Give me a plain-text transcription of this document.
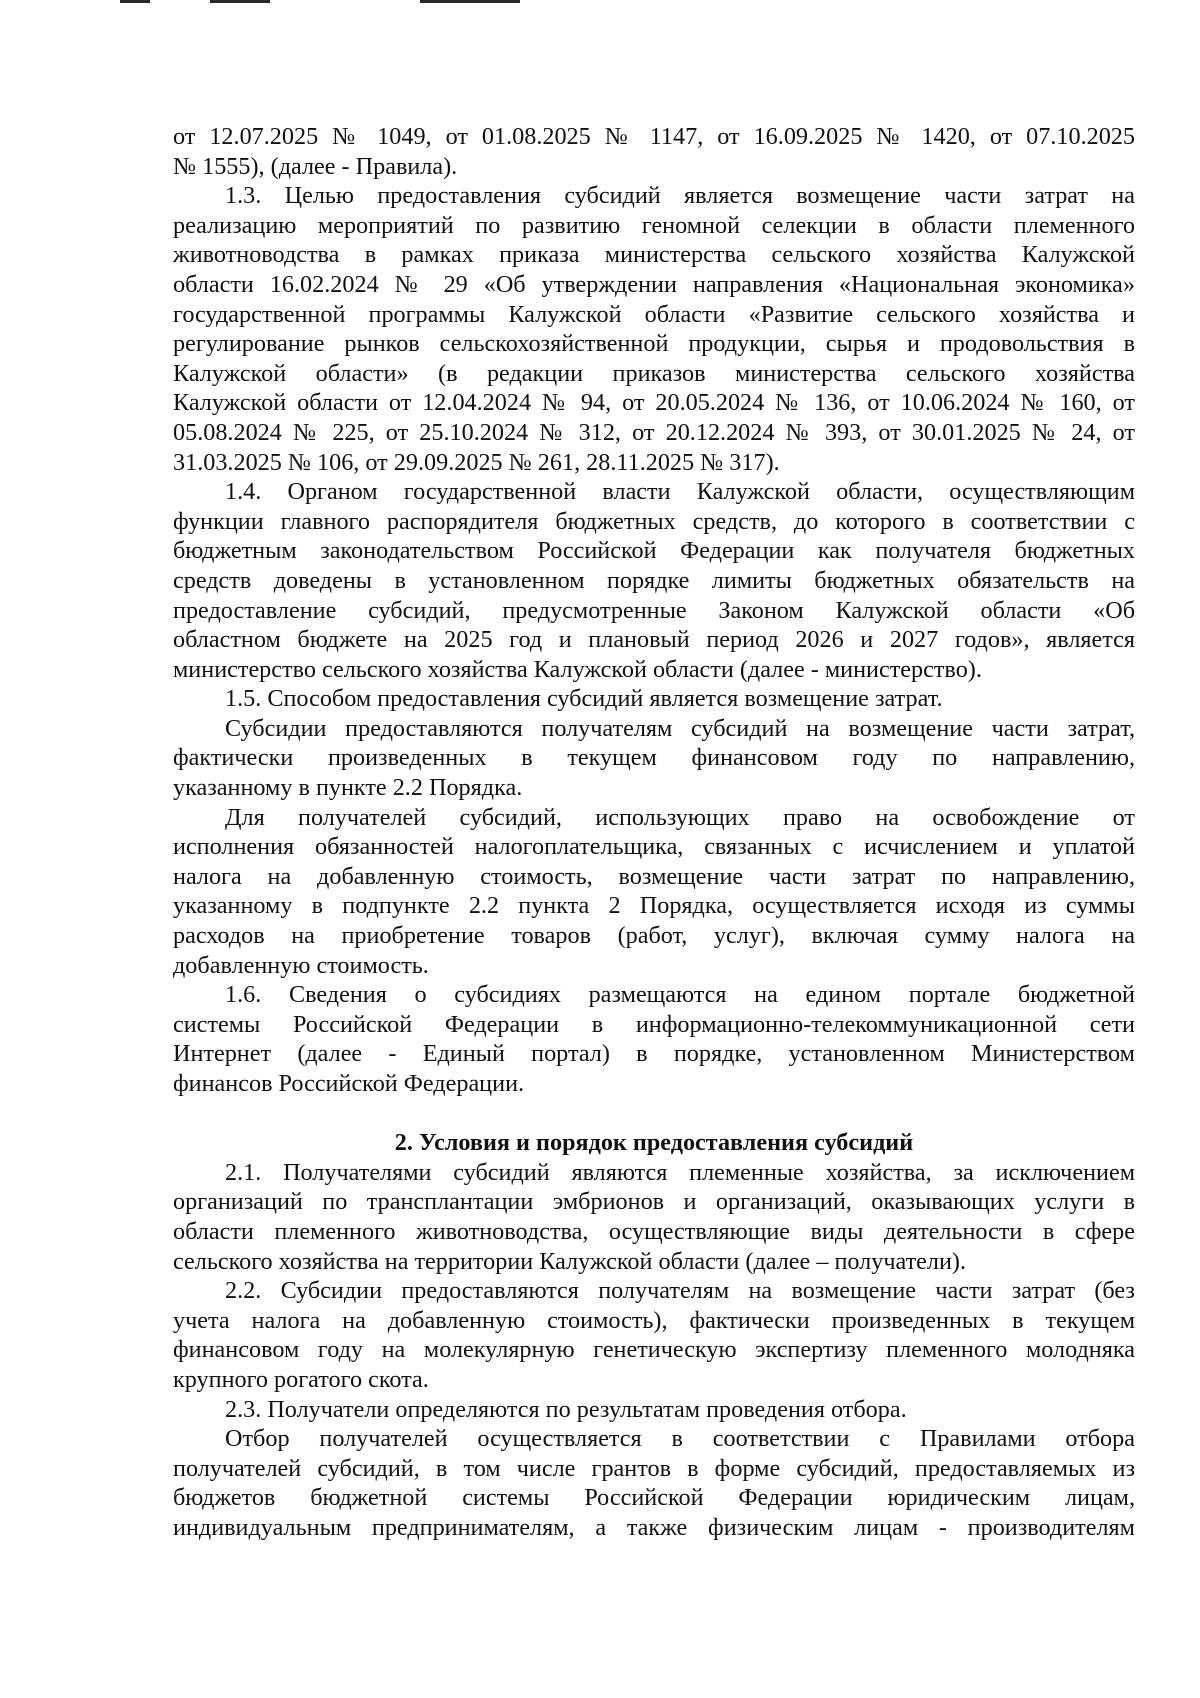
от 12.07.2025 № 1049, от 01.08.2025 № 1147, от 16.09.2025 № 1420, от 07.10.2025
№ 1555), (далее - Правила).
1.3. Целью предоставления субсидий является возмещение части затрат на
реализацию мероприятий по развитию геномной селекции в области племенного
животноводства в рамках приказа министерства сельского хозяйства Калужской
области 16.02.2024 № 29 «Об утверждении направления «Национальная экономика»
государственной программы Калужской области «Развитие сельского хозяйства и
регулирование рынков сельскохозяйственной продукции, сырья и продовольствия в
Калужской области» (в редакции приказов министерства сельского хозяйства
Калужской области от 12.04.2024 № 94, от 20.05.2024 № 136, от 10.06.2024 № 160, от
05.08.2024 № 225, от 25.10.2024 № 312, от 20.12.2024 № 393, от 30.01.2025 № 24, от
31.03.2025 № 106, от 29.09.2025 № 261, 28.11.2025 № 317).
1.4. Органом государственной власти Калужской области, осуществляющим
функции главного распорядителя бюджетных средств, до которого в соответствии с
бюджетным законодательством Российской Федерации как получателя бюджетных
средств доведены в установленном порядке лимиты бюджетных обязательств на
предоставление субсидий, предусмотренные Законом Калужской области «Об
областном бюджете на 2025 год и плановый период 2026 и 2027 годов», является
министерство сельского хозяйства Калужской области (далее - министерство).
1.5. Способом предоставления субсидий является возмещение затрат.
Субсидии предоставляются получателям субсидий на возмещение части затрат,
фактически произведенных в текущем финансовом году по направлению,
указанному в пункте 2.2 Порядка.
Для получателей субсидий, использующих право на освобождение от
исполнения обязанностей налогоплательщика, связанных с исчислением и уплатой
налога на добавленную стоимость, возмещение части затрат по направлению,
указанному в подпункте 2.2 пункта 2 Порядка, осуществляется исходя из суммы
расходов на приобретение товаров (работ, услуг), включая сумму налога на
добавленную стоимость.
1.6. Сведения о субсидиях размещаются на едином портале бюджетной
системы Российской Федерации в информационно-телекоммуникационной сети
Интернет (далее - Единый портал) в порядке, установленном Министерством
финансов Российской Федерации.
2. Условия и порядок предоставления субсидий
2.1. Получателями субсидий являются племенные хозяйства, за исключением
организаций по трансплантации эмбрионов и организаций, оказывающих услуги в
области племенного животноводства, осуществляющие виды деятельности в сфере
сельского хозяйства на территории Калужской области (далее – получатели).
2.2. Субсидии предоставляются получателям на возмещение части затрат (без
учета налога на добавленную стоимость), фактически произведенных в текущем
финансовом году на молекулярную генетическую экспертизу племенного молодняка
крупного рогатого скота.
2.3. Получатели определяются по результатам проведения отбора.
Отбор получателей осуществляется в соответствии с Правилами отбора
получателей субсидий, в том числе грантов в форме субсидий, предоставляемых из
бюджетов бюджетной системы Российской Федерации юридическим лицам,
индивидуальным предпринимателям, а также физическим лицам - производителям
